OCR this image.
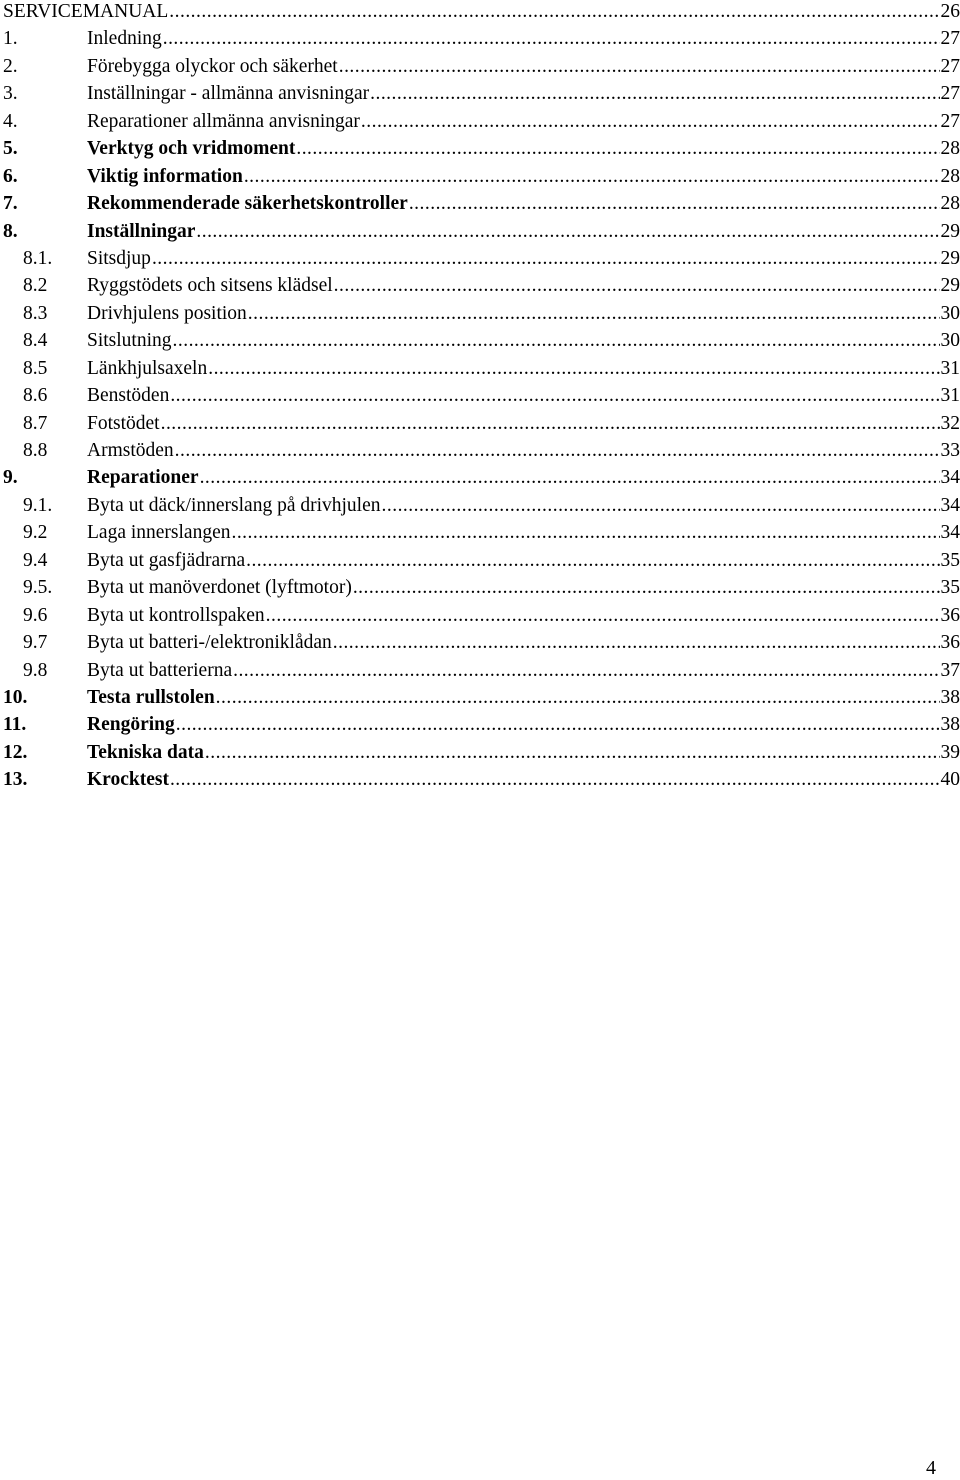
SERVICEMANUAL . . .	26
1.	Inledning . . .	27
2.	Förebygga olyckor och säkerhet . . .	27
3.	Inställningar - allmänna anvisningar . . .	27
4.	Reparationer allmänna anvisningar . . .	27
5.	Verktyg och vridmoment . . .	28
6.	Viktig information . . .	28
7.	Rekommenderade säkerhetskontroller . . .	28
8.	Inställningar . . .	29
8.1. Sitsdjup . . .	29
8.2 Ryggstödets och sitsens klädsel . . .	29
8.3 Drivhjulens position . . .	30
8.4 Sitslutning . . .	30
8.5 Länkhjulsaxeln . . .	31
8.6 Benstöden . . .	31
8.7 Fotstödet . . .	32
8.8 Armstöden . . .	33
9.	Reparationer . . .	34
9.1. Byta ut däck/innerslang på drivhjulen . . .	34
9.2 Laga innerslangen . . .	34
9.4 Byta ut gasfjädrarna . . .	35
9.5. Byta ut manöverdonet (lyftmotor) . . .	35
9.6 Byta ut kontrollspaken . . .	36
9.7 Byta ut batteri-/elektroniklådan . . .	36
9.8 Byta ut batterierna . . .	37
10.	Testa rullstolen . . .	38
11.	Rengöring . . .	38
12.	Tekniska data . . .	39
13.	Krocktest . . .	40
4
